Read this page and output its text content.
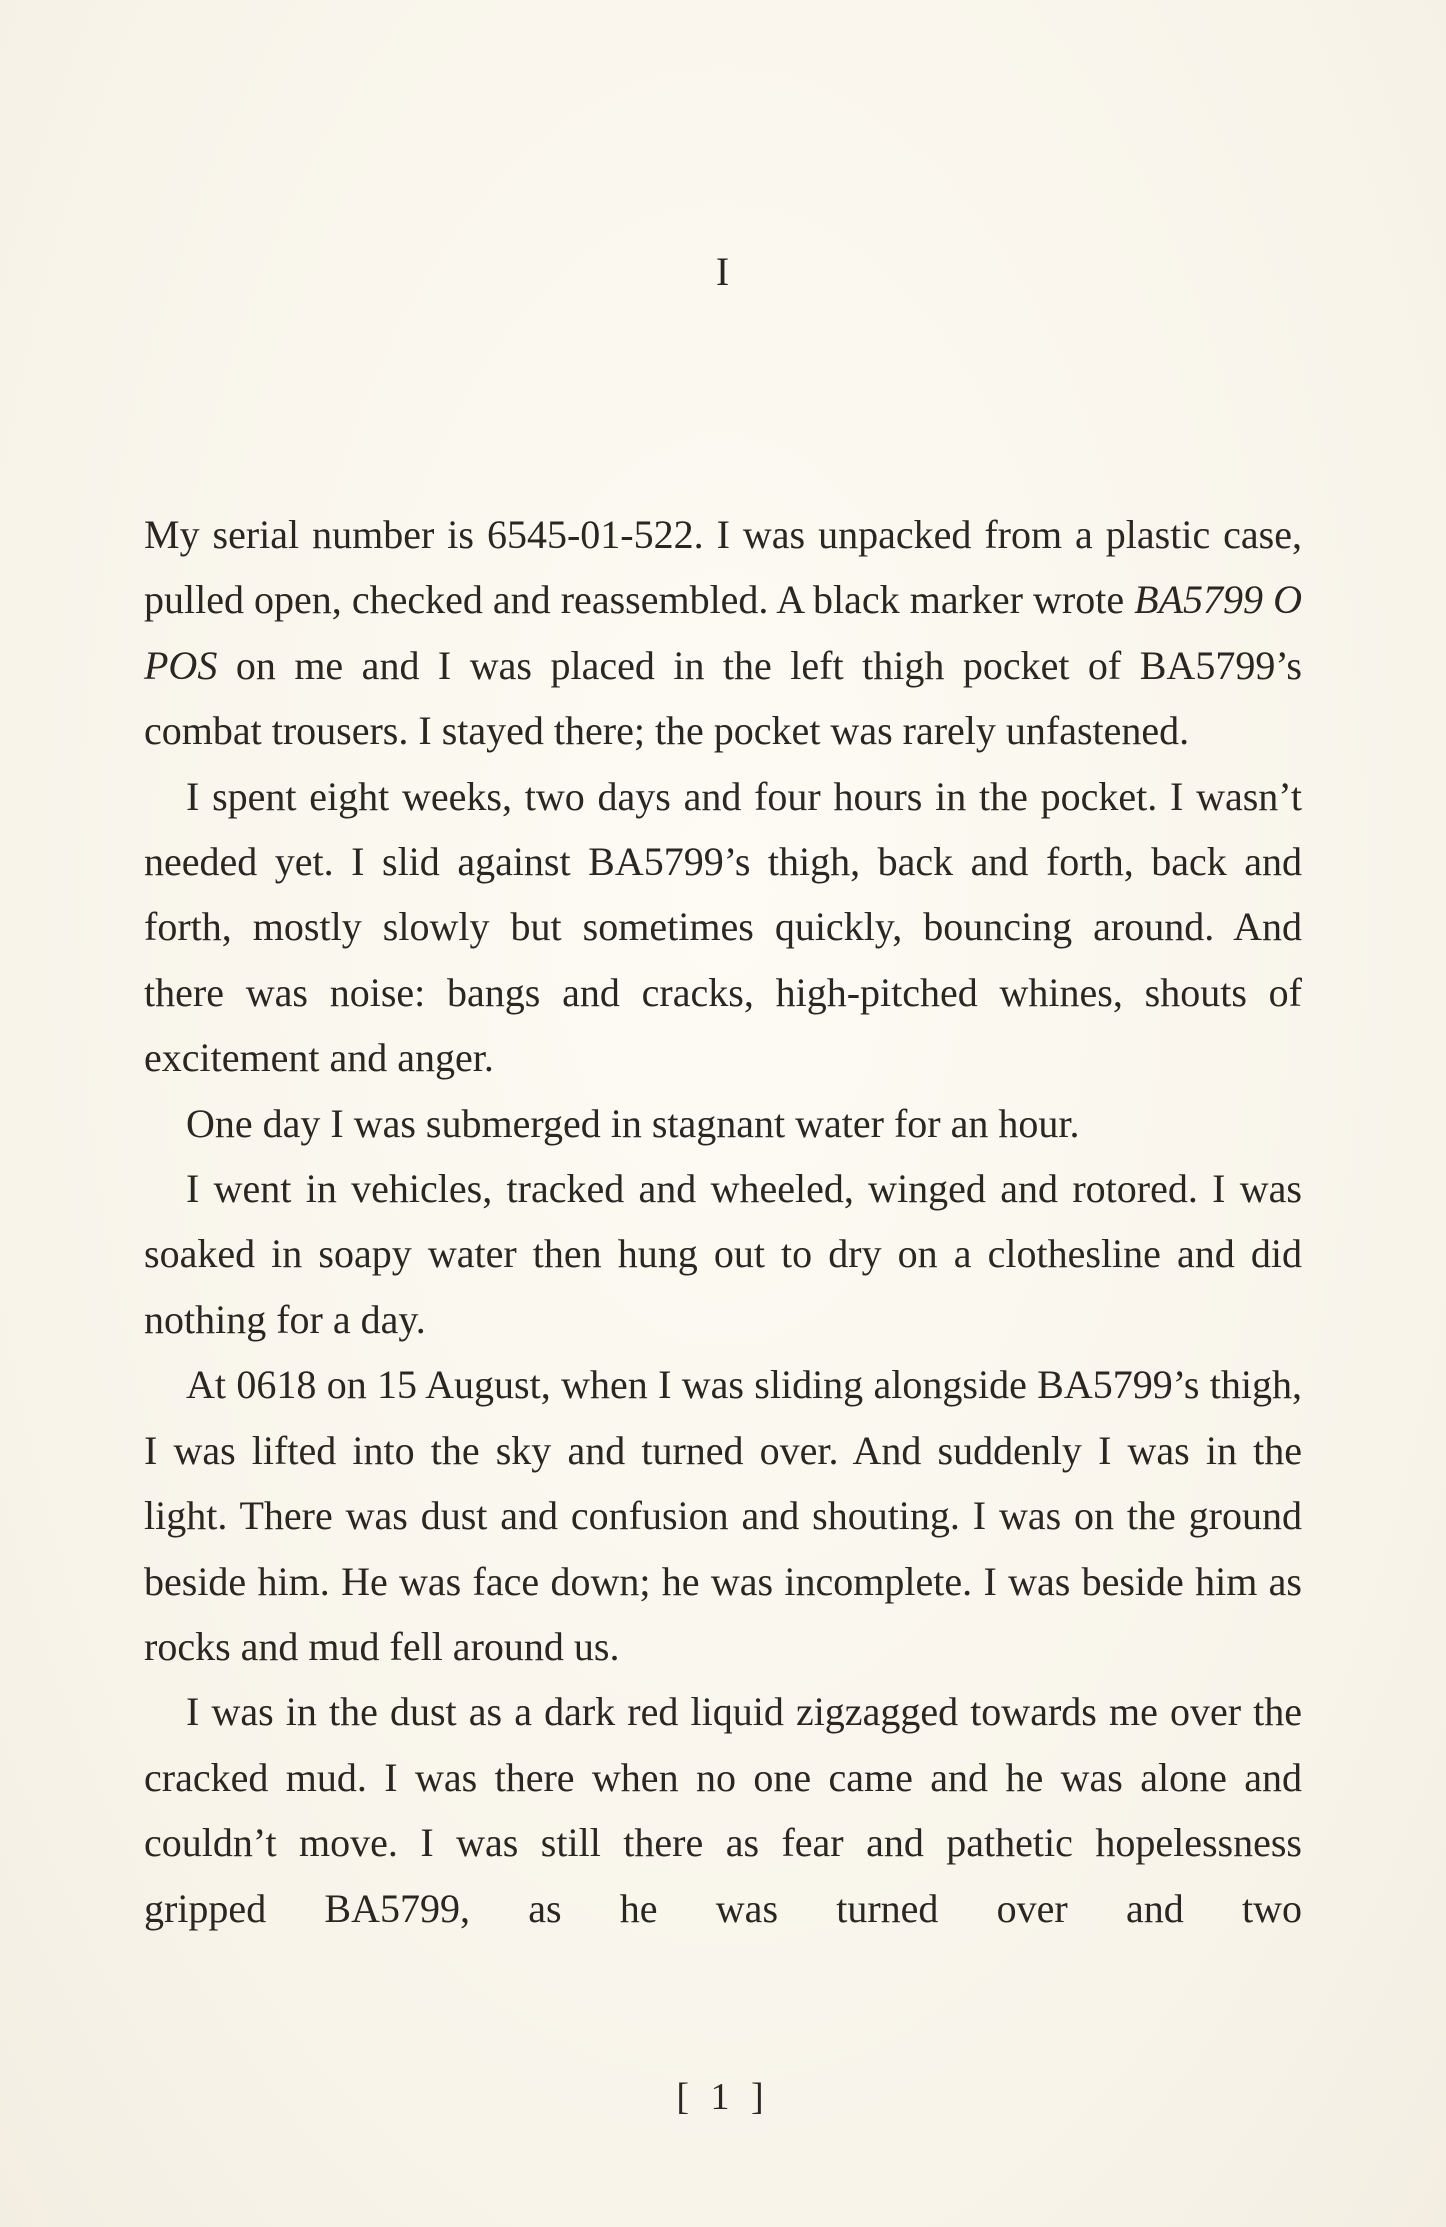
I

My serial number is 6545-01-522. I was unpacked from a plastic case, pulled open, checked and reassembled. A black marker wrote BA5799 O POS on me and I was placed in the left thigh pocket of BA5799’s combat trousers. I stayed there; the pocket was rarely unfastened.

I spent eight weeks, two days and four hours in the pocket. I wasn’t needed yet. I slid against BA5799’s thigh, back and forth, back and forth, mostly slowly but sometimes quickly, bouncing around. And there was noise: bangs and cracks, high-pitched whines, shouts of excitement and anger.

One day I was submerged in stagnant water for an hour.

I went in vehicles, tracked and wheeled, winged and rotored. I was soaked in soapy water then hung out to dry on a clothesline and did nothing for a day.

At 0618 on 15 August, when I was sliding alongside BA5799’s thigh, I was lifted into the sky and turned over. And suddenly I was in the light. There was dust and confusion and shouting. I was on the ground beside him. He was face down; he was incomplete. I was beside him as rocks and mud fell around us.

I was in the dust as a dark red liquid zigzagged towards me over the cracked mud. I was there when no one came and he was alone and couldn’t move. I was still there as fear and pathetic hopelessness gripped BA5799, as he was turned over and two

[ 1 ]
